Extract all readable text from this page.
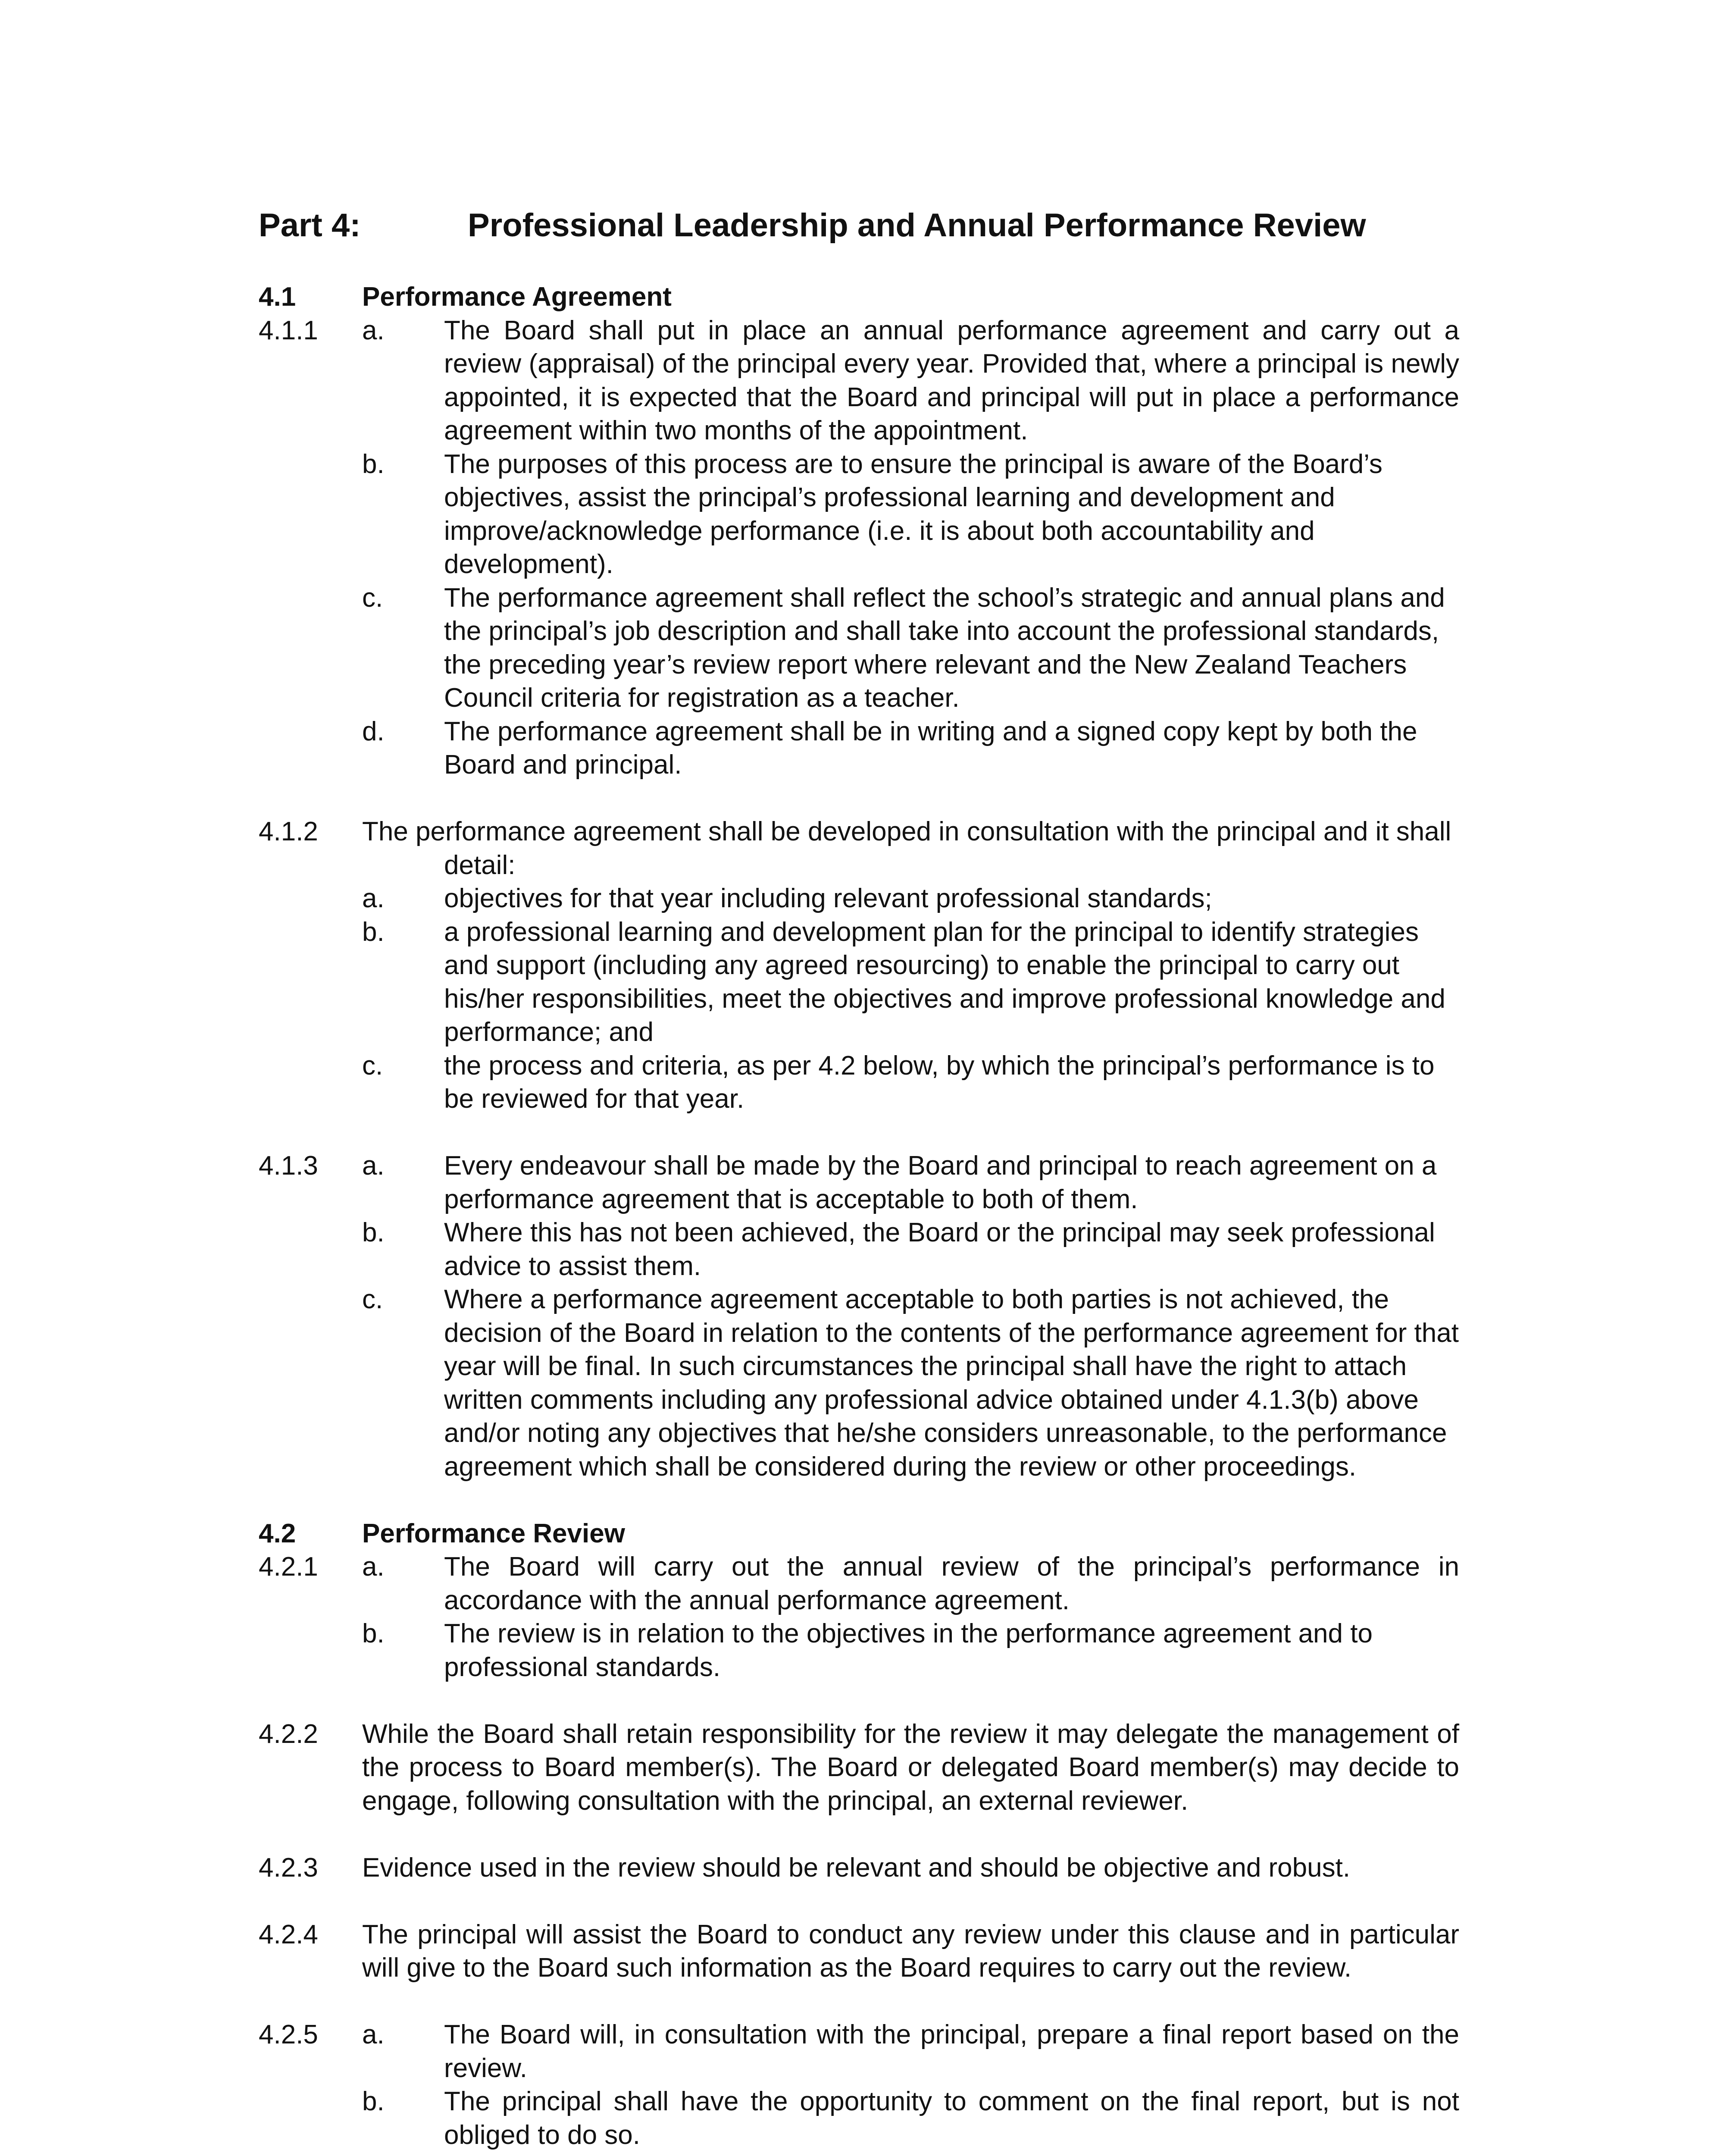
Part 4:	Professional Leadership and Annual Performance Review
4.1 Performance Agreement
4.1.1 a. The Board shall put in place an annual performance agreement and carry out a review (appraisal) of the principal every year. Provided that, where a principal is newly appointed, it is expected that the Board and principal will put in place a performance agreement within two months of the appointment.
b. The purposes of this process are to ensure the principal is aware of the Board’s objectives, assist the principal’s professional learning and development and improve/acknowledge performance (i.e. it is about both accountability and development).
c. The performance agreement shall reflect the school’s strategic and annual plans and the principal’s job description and shall take into account the professional standards, the preceding year’s review report where relevant and the New Zealand Teachers Council criteria for registration as a teacher.
d. The performance agreement shall be in writing and a signed copy kept by both the Board and principal.
4.1.2 The performance agreement shall be developed in consultation with the principal and it shall detail:
a. objectives for that year including relevant professional standards;
b. a professional learning and development plan for the principal to identify strategies and support (including any agreed resourcing) to enable the principal to carry out his/her responsibilities, meet the objectives and improve professional knowledge and performance; and
c. the process and criteria, as per 4.2 below, by which the principal’s performance is to be reviewed for that year.
4.1.3 a. Every endeavour shall be made by the Board and principal to reach agreement on a performance agreement that is acceptable to both of them.
b. Where this has not been achieved, the Board or the principal may seek professional advice to assist them.
c. Where a performance agreement acceptable to both parties is not achieved, the decision of the Board in relation to the contents of the performance agreement for that year will be final. In such circumstances the principal shall have the right to attach written comments including any professional advice obtained under 4.1.3(b) above and/or noting any objectives that he/she considers unreasonable, to the performance agreement which shall be considered during the review or other proceedings.
4.2 Performance Review
4.2.1 a. The Board will carry out the annual review of the principal’s performance in accordance with the annual performance agreement.
b. The review is in relation to the objectives in the performance agreement and to professional standards.
4.2.2 While the Board shall retain responsibility for the review it may delegate the management of the process to Board member(s). The Board or delegated Board member(s) may decide to engage, following consultation with the principal, an external reviewer.
4.2.3 Evidence used in the review should be relevant and should be objective and robust.
4.2.4 The principal will assist the Board to conduct any review under this clause and in particular will give to the Board such information as the Board requires to carry out the review.
4.2.5 a. The Board will, in consultation with the principal, prepare a final report based on the review.
b. The principal shall have the opportunity to comment on the final report, but is not obliged to do so.
